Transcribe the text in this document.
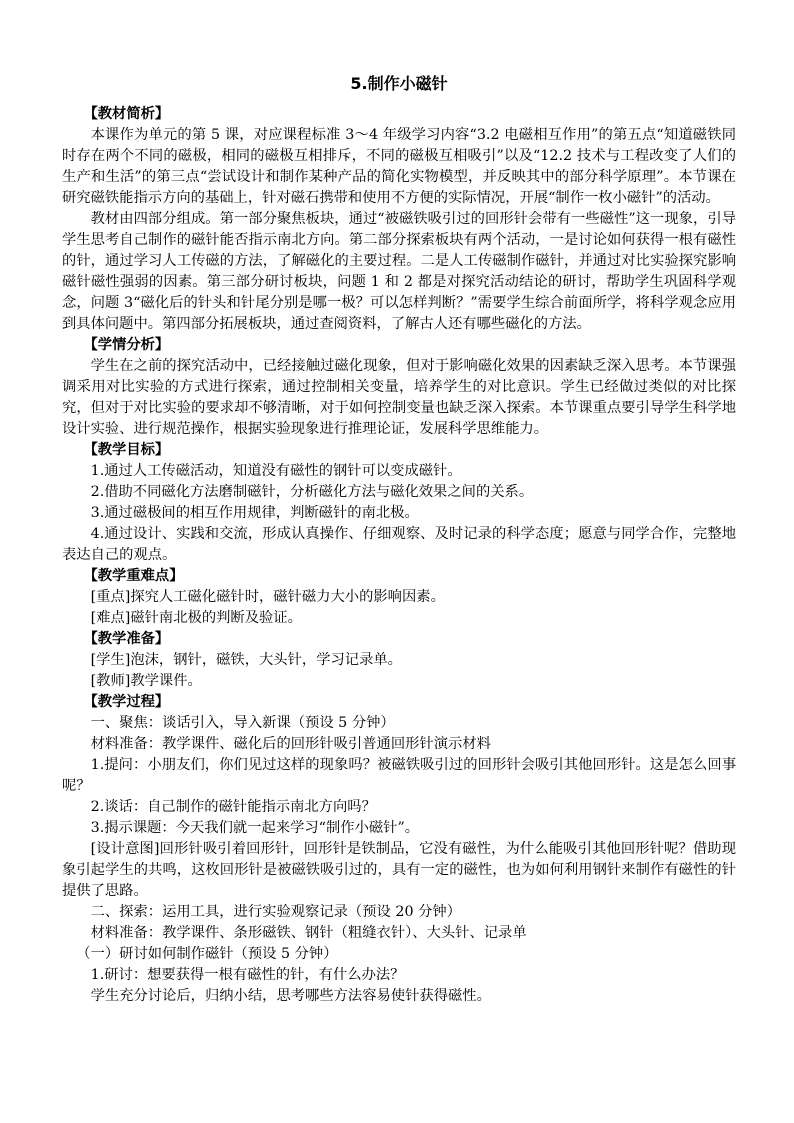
5.制作小磁针

【教材简析】

本课作为单元的第 5 课，对应课程标准 3～4 年级学习内容“3.2 电磁相互作用”的第五点“知道磁铁同时存在两个不同的磁极，相同的磁极互相排斥，不同的磁极互相吸引”以及“12.2 技术与工程改变了人们的生产和生活”的第三点“尝试设计和制作某种产品的简化实物模型，并反映其中的部分科学原理”。本节课在研究磁铁能指示方向的基础上，针对磁石携带和使用不方便的实际情况，开展“制作一枚小磁针”的活动。

教材由四部分组成。第一部分聚焦板块，通过“被磁铁吸引过的回形针会带有一些磁性”这一现象，引导学生思考自己制作的磁针能否指示南北方向。第二部分探索板块有两个活动，一是讨论如何获得一根有磁性的针，通过学习人工传磁的方法，了解磁化的主要过程。二是人工传磁制作磁针，并通过对比实验探究影响磁针磁性强弱的因素。第三部分研讨板块，问题 1 和 2 都是对探究活动结论的研讨，帮助学生巩固科学观念，问题 3“磁化后的针头和针尾分别是哪一极？可以怎样判断？”需要学生综合前面所学，将科学观念应用到具体问题中。第四部分拓展板块，通过查阅资料，了解古人还有哪些磁化的方法。

【学情分析】

学生在之前的探究活动中，已经接触过磁化现象，但对于影响磁化效果的因素缺乏深入思考。本节课强调采用对比实验的方式进行探索，通过控制相关变量，培养学生的对比意识。学生已经做过类似的对比探究，但对于对比实验的要求却不够清晰，对于如何控制变量也缺乏深入探索。本节课重点要引导学生科学地设计实验、进行规范操作，根据实验现象进行推理论证，发展科学思维能力。

【教学目标】

1.通过人工传磁活动，知道没有磁性的钢针可以变成磁针。

2.借助不同磁化方法磨制磁针，分析磁化方法与磁化效果之间的关系。

3.通过磁极间的相互作用规律，判断磁针的南北极。

4.通过设计、实践和交流，形成认真操作、仔细观察、及时记录的科学态度；愿意与同学合作，完整地表达自己的观点。

【教学重难点】

[重点]探究人工磁化磁针时，磁针磁力大小的影响因素。

[难点]磁针南北极的判断及验证。

【教学准备】

[学生]泡沫，钢针，磁铁，大头针，学习记录单。

[教师]教学课件。

【教学过程】

一、聚焦：谈话引入，导入新课（预设 5 分钟）

材料准备：教学课件、磁化后的回形针吸引普通回形针演示材料

1.提问：小朋友们，你们见过这样的现象吗？被磁铁吸引过的回形针会吸引其他回形针。这是怎么回事呢？

2.谈话：自己制作的磁针能指示南北方向吗？

3.揭示课题：今天我们就一起来学习“制作小磁针”。

[设计意图]回形针吸引着回形针，回形针是铁制品，它没有磁性，为什么能吸引其他回形针呢？借助现象引起学生的共鸣，这枚回形针是被磁铁吸引过的，具有一定的磁性，也为如何利用钢针来制作有磁性的针提供了思路。

二、探索：运用工具，进行实验观察记录（预设 20 分钟）

材料准备：教学课件、条形磁铁、钢针（粗缝衣针）、大头针、记录单

（一）研讨如何制作磁针（预设 5 分钟）

1.研讨：想要获得一根有磁性的针，有什么办法？

学生充分讨论后，归纳小结，思考哪些方法容易使针获得磁性。
